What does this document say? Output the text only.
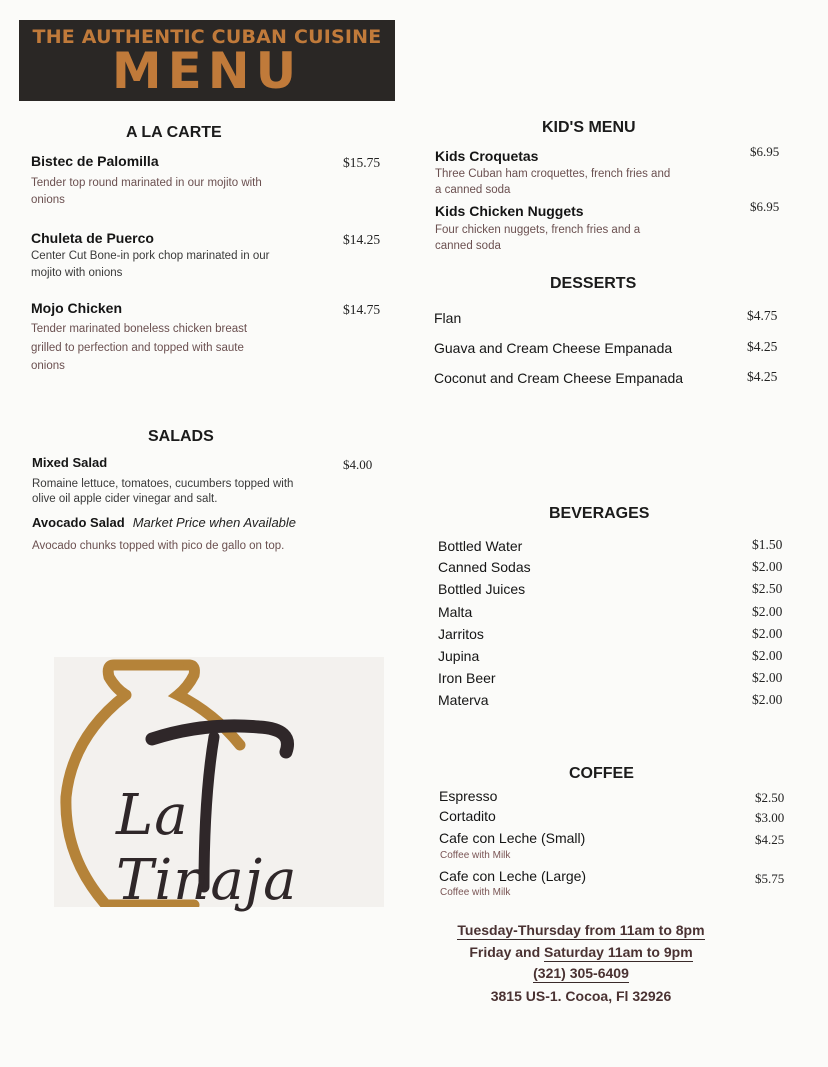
THE AUTHENTIC CUBAN CUISINE
MENU
A LA CARTE
Bistec de Palomilla	$15.75
Tender top round marinated in our mojito with
onions
Chuleta de Puerco	$14.25
Center Cut Bone-in pork chop marinated in our
mojito with onions
Mojo Chicken	$14.75
Tender marinated boneless chicken breast
grilled to perfection and topped with saute
onions
SALADS
Mixed Salad	$4.00
Romaine lettuce, tomatoes, cucumbers topped with
olive oil apple cider vinegar and salt.
Avocado Salad Market Price when Available
Avocado chunks topped with pico de gallo on top.
La Tinaja
KID'S MENU
Kids Croquetas	$6.95
Three Cuban ham croquettes, french fries and
a canned soda
Kids Chicken Nuggets	$6.95
Four chicken nuggets, french fries and a
canned soda
DESSERTS
Flan	$4.75
Guava and Cream Cheese Empanada	$4.25
Coconut and Cream Cheese Empanada	$4.25
BEVERAGES
Bottled Water	$1.50
Canned Sodas	$2.00
Bottled Juices	$2.50
Malta	$2.00
Jarritos	$2.00
Jupina	$2.00
Iron Beer	$2.00
Materva	$2.00
COFFEE
Espresso	$2.50
Cortadito	$3.00
Cafe con Leche (Small)	$4.25
Coffee with Milk
Cafe con Leche (Large)	$5.75
Coffee with Milk
Tuesday-Thursday from 11am to 8pm
Friday and Saturday 11am to 9pm
(321) 305-6409
3815 US-1. Cocoa, Fl 32926
